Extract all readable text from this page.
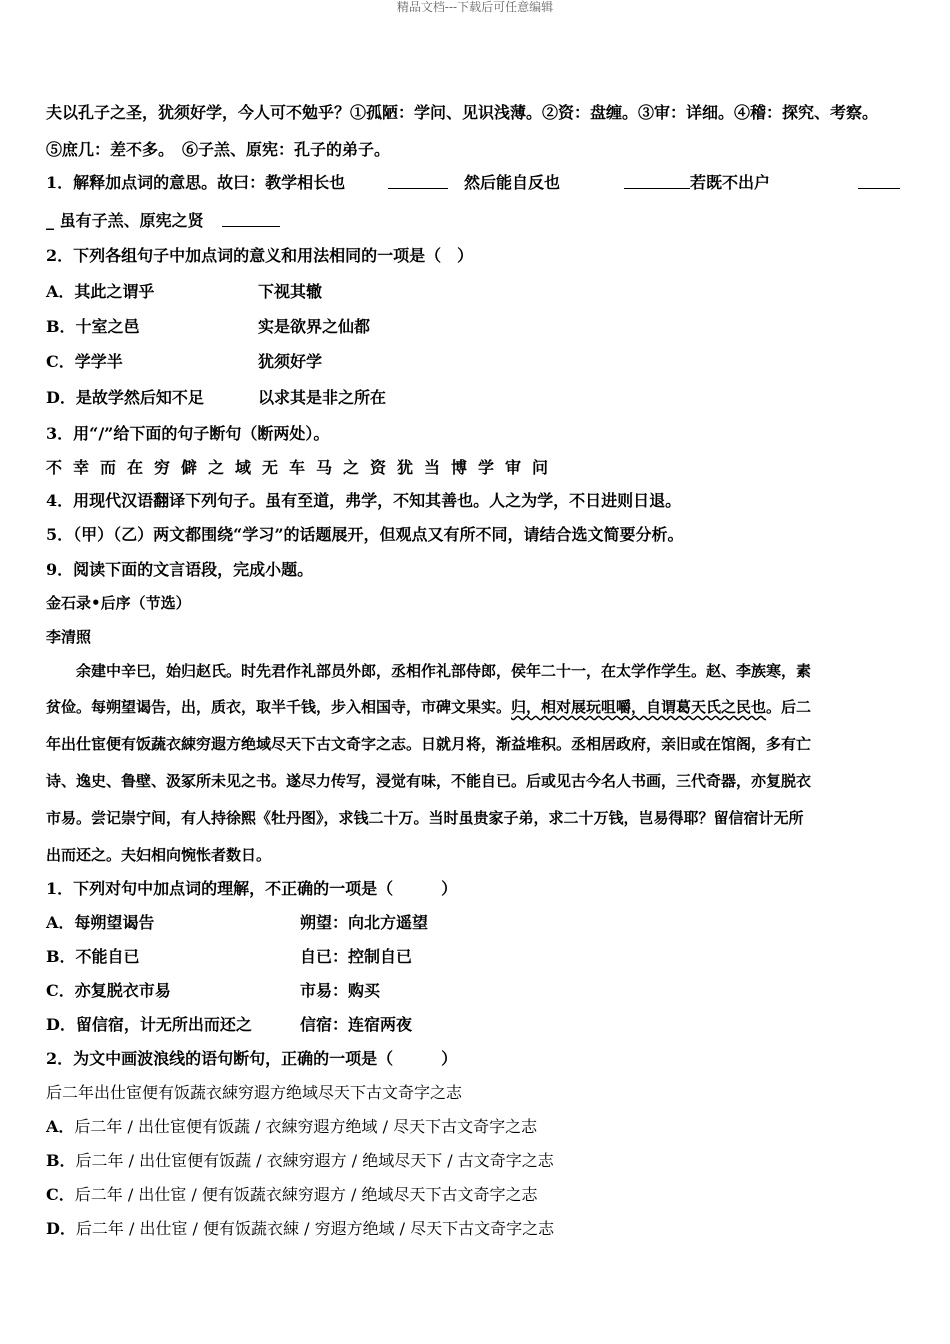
精品文档---下载后可任意编辑
夫以孔子之圣，犹须好学，今人可不勉乎？①孤陋：学问、见识浅薄。②资：盘缠。③审：详细。④稽：探究、考察。
⑤庶几：差不多。　⑥子羔、原宪：孔子的弟子。
1．解释加点词的意思。故曰：教学相长也	然后能自反也	若既不出户
_ 虽有子羔、原宪之贤
2．下列各组句子中加点词的意义和用法相同的一项是（　）
A．其此之谓乎	下视其辙
B．十室之邑	实是欲界之仙都
C．学学半	犹须好学
D．是故学然后知不足	以求其是非之所在
3．用“/”给下面的句子断句（断两处）。
不幸而在穷僻之域无车马之资犹当博学审问
4．用现代汉语翻译下列句子。虽有至道，弗学，不知其善也。人之为学，不日进则日退。
5．（甲）（乙）两文都围绕“学习”的话题展开，但观点又有所不同，请结合选文简要分析。
9．阅读下面的文言语段，完成小题。
金石录•后序（节选）
李清照
　　余建中辛巳，始归赵氏。时先君作礼部员外郎，丞相作礼部侍郎，侯年二十一，在太学作学生。赵、李族寒，素
贫俭。每朔望谒告，出，质衣，取半千钱，步入相国寺，市碑文果实。归，相对展玩咀嚼，自谓葛天氏之民也。后二
年出仕宦便有饭蔬衣綀穷遐方绝域尽天下古文奇字之志。日就月将，渐益堆积。丞相居政府，亲旧或在馆阁，多有亡
诗、逸史、鲁壁、汲冢所未见之书。遂尽力传写，浸觉有味，不能自已。后或见古今名人书画，三代奇器，亦复脱衣
市易。尝记崇宁间，有人持徐熙《牡丹图》，求钱二十万。当时虽贵家子弟，求二十万钱，岂易得耶？留信宿计无所
出而还之。夫妇相向惋怅者数日。
1．下列对句中加点词的理解，不正确的一项是（　　　）
A．每朔望谒告	朔望：向北方遥望
B．不能自已	自已：控制自已
C．亦复脱衣市易	市易：购买
D．留信宿，计无所出而还之	信宿：连宿两夜
2．为文中画波浪线的语句断句，正确的一项是（　　　）
后二年出仕宦便有饭蔬衣綀穷遐方绝域尽天下古文奇字之志
A．后二年 / 出仕宦便有饭蔬 / 衣綀穷遐方绝域 / 尽天下古文奇字之志
B．后二年 / 出仕宦便有饭蔬 / 衣綀穷遐方 / 绝域尽天下 / 古文奇字之志
C．后二年 / 出仕宦 / 便有饭蔬衣綀穷遐方 / 绝域尽天下古文奇字之志
D．后二年 / 出仕宦 / 便有饭蔬衣綀 / 穷遐方绝域 / 尽天下古文奇字之志
